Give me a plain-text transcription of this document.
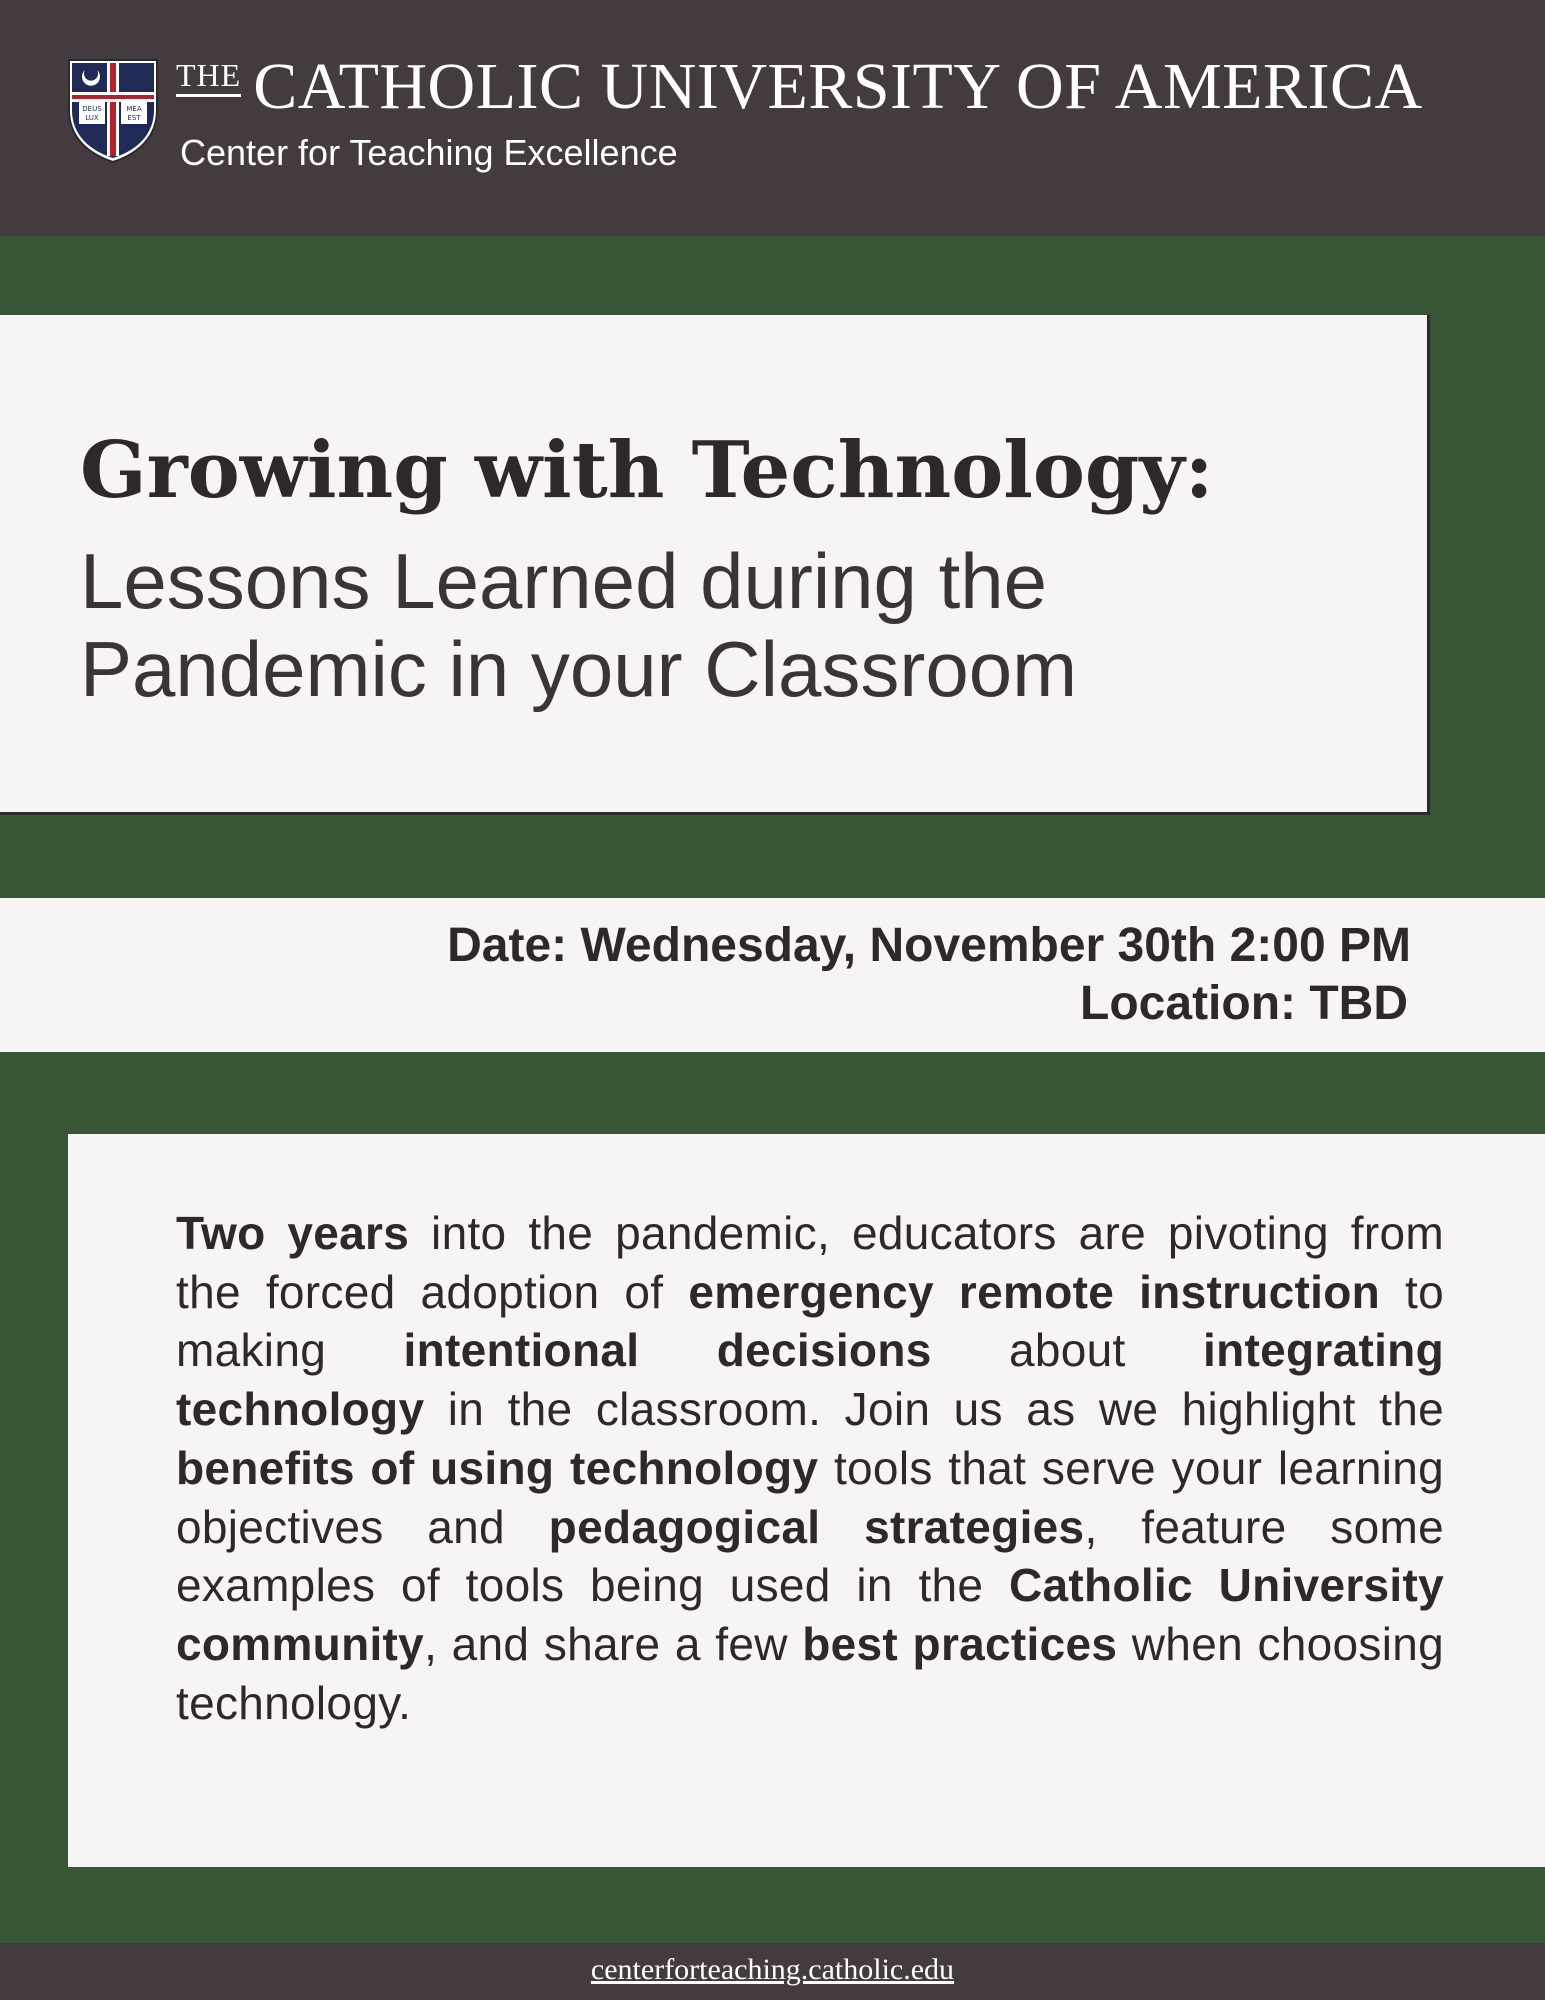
DEUS
LUX
MEA
EST
THE CATHOLIC UNIVERSITY OF AMERICA
Center for Teaching Excellence
Growing with Technology:
Lessons Learned during the
Pandemic in your Classroom
Date: Wednesday, November 30th 2:00 PM
Location: TBD

Two years into the pandemic, educators are pivoting from the forced adoption of emergency remote instruction to making intentional decisions about integrating technology in the classroom. Join us as we highlight the benefits of using technology tools that serve your learning objectives and pedagogical strategies, feature some examples of tools being used in the Catholic University community, and share a few best practices when choosing technology.

centerforteaching.catholic.edu
